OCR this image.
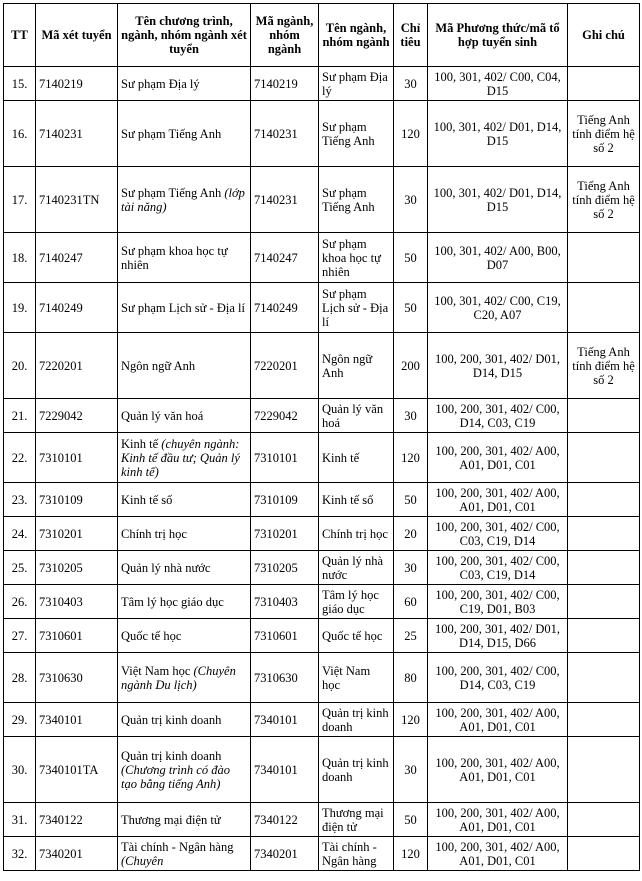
TT	Mã xét tuyển	Tên chương trình, ngành, nhóm ngành xét tuyển	Mã ngành, nhóm ngành	Tên ngành, nhóm ngành	Chỉ tiêu	Mã Phương thức/mã tổ hợp tuyển sinh	Ghi chú
15.	7140219	Sư phạm Địa lý	7140219	Sư phạm Địa lý	30	100, 301, 402/ C00, C04, D15	
16.	7140231	Sư phạm Tiếng Anh	7140231	Sư phạm Tiếng Anh	120	100, 301, 402/ D01, D14, D15	Tiếng Anh tính điểm hệ số 2
17.	7140231TN	Sư phạm Tiếng Anh (lớp tài năng)	7140231	Sư phạm Tiếng Anh	30	100, 301, 402/ D01, D14, D15	Tiếng Anh tính điểm hệ số 2
18.	7140247	Sư phạm khoa học tự nhiên	7140247	Sư phạm khoa học tự nhiên	50	100, 301, 402/ A00, B00, D07	
19.	7140249	Sư phạm Lịch sử - Địa lí	7140249	Sư phạm Lịch sử - Địa lí	50	100, 301, 402/ C00, C19, C20, A07	
20.	7220201	Ngôn ngữ Anh	7220201	Ngôn ngữ Anh	200	100, 200, 301, 402/ D01, D14, D15	Tiếng Anh tính điểm hệ số 2
21.	7229042	Quản lý văn hoá	7229042	Quản lý văn hoá	30	100, 200, 301, 402/ C00, D14, C03, C19	
22.	7310101	Kinh tế (chuyên ngành: Kinh tế đầu tư; Quản lý kinh tế)	7310101	Kinh tế	120	100, 200, 301, 402/ A00, A01, D01, C01	
23.	7310109	Kinh tế số	7310109	Kinh tế số	50	100, 200, 301, 402/ A00, A01, D01, C01	
24.	7310201	Chính trị học	7310201	Chính trị học	20	100, 200, 301, 402/ C00, C03, C19, D14	
25.	7310205	Quản lý nhà nước	7310205	Quản lý nhà nước	30	100, 200, 301, 402/ C00, C03, C19, D14	
26.	7310403	Tâm lý học giáo dục	7310403	Tâm lý học giáo dục	60	100, 200, 301, 402/ C00, C19, D01, B03	
27.	7310601	Quốc tế học	7310601	Quốc tế học	25	100, 200, 301, 402/ D01, D14, D15, D66	
28.	7310630	Việt Nam học (Chuyên ngành Du lịch)	7310630	Việt Nam học	80	100, 200, 301, 402/ C00, D14, C03, C19	
29.	7340101	Quản trị kinh doanh	7340101	Quản trị kinh doanh	120	100, 200, 301, 402/ A00, A01, D01, C01	
30.	7340101TA	Quản trị kinh doanh (Chương trình có đào tạo bằng tiếng Anh)	7340101	Quản trị kinh doanh	30	100, 200, 301, 402/ A00, A01, D01, C01	
31.	7340122	Thương mại điện tử	7340122	Thương mại điện tử	50	100, 200, 301, 402/ A00, A01, D01, C01	
32.	7340201	Tài chính - Ngân hàng (Chuyên	7340201	Tài chính - Ngân hàng	120	100, 200, 301, 402/ A00, A01, D01, C01	
